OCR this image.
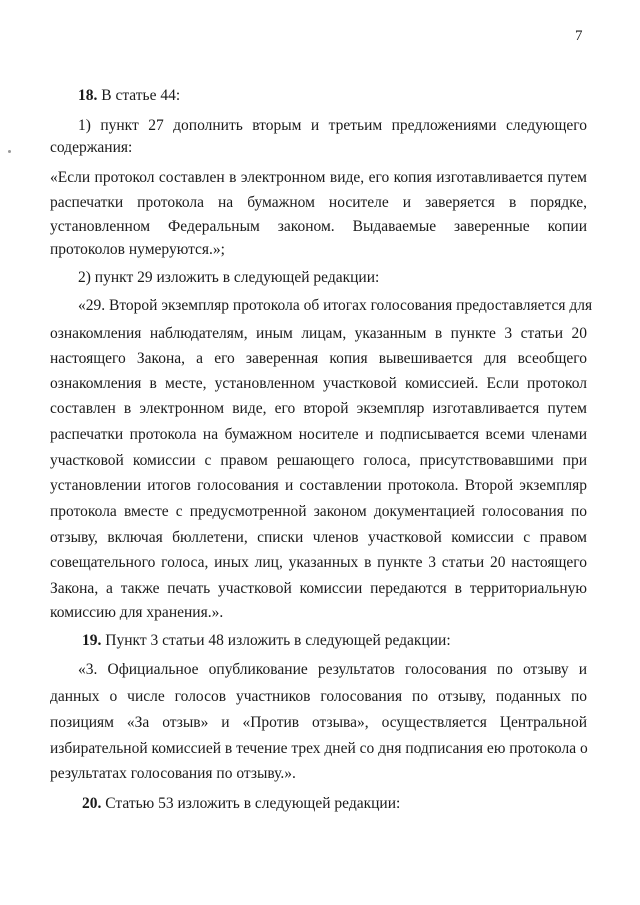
7
18. В статье 44:
1) пункт 27 дополнить вторым и третьим предложениями следующего
содержания:
«Если протокол составлен в электронном виде, его копия изготавливается путем
распечатки протокола на бумажном носителе и заверяется в порядке,
установленном Федеральным законом. Выдаваемые заверенные копии
протоколов нумеруются.»;
2) пункт 29 изложить в следующей редакции:
«29. Второй экземпляр протокола об итогах голосования предоставляется для
ознакомления наблюдателям, иным лицам, указанным в пункте 3 статьи 20
настоящего Закона, а его заверенная копия вывешивается для всеобщего
ознакомления в месте, установленном участковой комиссией. Если протокол
составлен в электронном виде, его второй экземпляр изготавливается путем
распечатки протокола на бумажном носителе и подписывается всеми членами
участковой комиссии с правом решающего голоса, присутствовавшими при
установлении итогов голосования и составлении протокола. Второй экземпляр
протокола вместе с предусмотренной законом документацией голосования по
отзыву, включая бюллетени, списки членов участковой комиссии с правом
совещательного голоса, иных лиц, указанных в пункте 3 статьи 20 настоящего
Закона, а также печать участковой комиссии передаются в территориальную
комиссию для хранения.».
19. Пункт 3 статьи 48 изложить в следующей редакции:
«3. Официальное опубликование результатов голосования по отзыву и
данных о числе голосов участников голосования по отзыву, поданных по
позициям «За отзыв» и «Против отзыва», осуществляется Центральной
избирательной комиссией в течение трех дней со дня подписания ею протокола о
результатах голосования по отзыву.».
20. Статью 53 изложить в следующей редакции:
